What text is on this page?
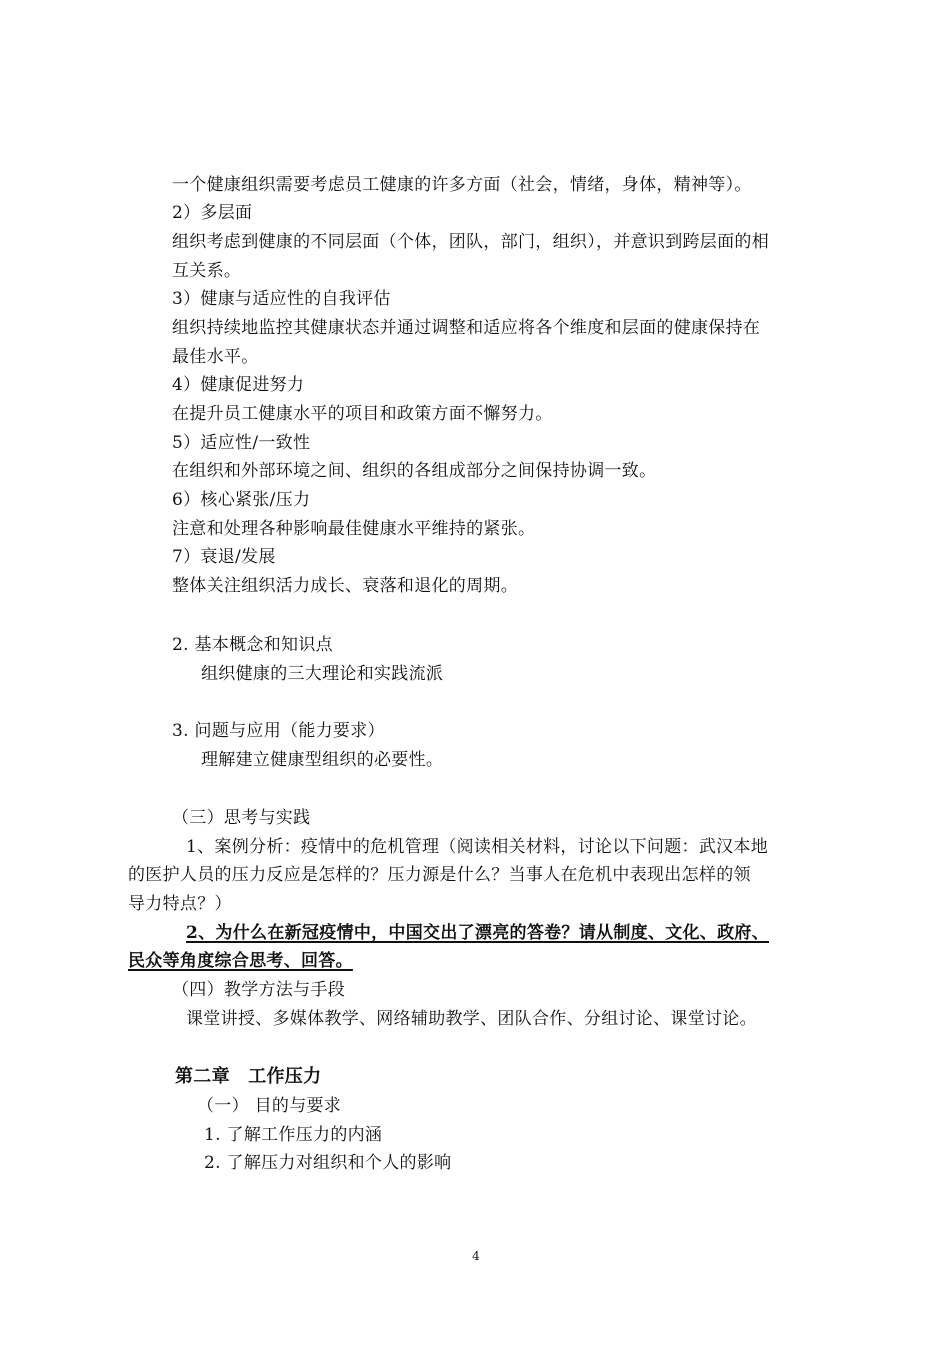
一个健康组织需要考虑员工健康的许多方面（社会，情绪，身体，精神等）。
2）多层面
组织考虑到健康的不同层面（个体，团队，部门，组织），并意识到跨层面的相
互关系。
3）健康与适应性的自我评估
组织持续地监控其健康状态并通过调整和适应将各个维度和层面的健康保持在
最佳水平。
4）健康促进努力
在提升员工健康水平的项目和政策方面不懈努力。
5）适应性/一致性
在组织和外部环境之间、组织的各组成部分之间保持协调一致。
6）核心紧张/压力
注意和处理各种影响最佳健康水平维持的紧张。
7）衰退/发展
整体关注组织活力成长、衰落和退化的周期。
2. 基本概念和知识点
组织健康的三大理论和实践流派
3. 问题与应用（能力要求）
理解建立健康型组织的必要性。
（三）思考与实践
1、案例分析：疫情中的危机管理（阅读相关材料，讨论以下问题：武汉本地
的医护人员的压力反应是怎样的？压力源是什么？当事人在危机中表现出怎样的领
导力特点？）
2、为什么在新冠疫情中，中国交出了漂亮的答卷？请从制度、文化、政府、
民众等角度综合思考、回答。
（四）教学方法与手段
课堂讲授、多媒体教学、网络辅助教学、团队合作、分组讨论、课堂讨论。
第二章　工作压力
（一） 目的与要求
1. 了解工作压力的内涵
2. 了解压力对组织和个人的影响
4
